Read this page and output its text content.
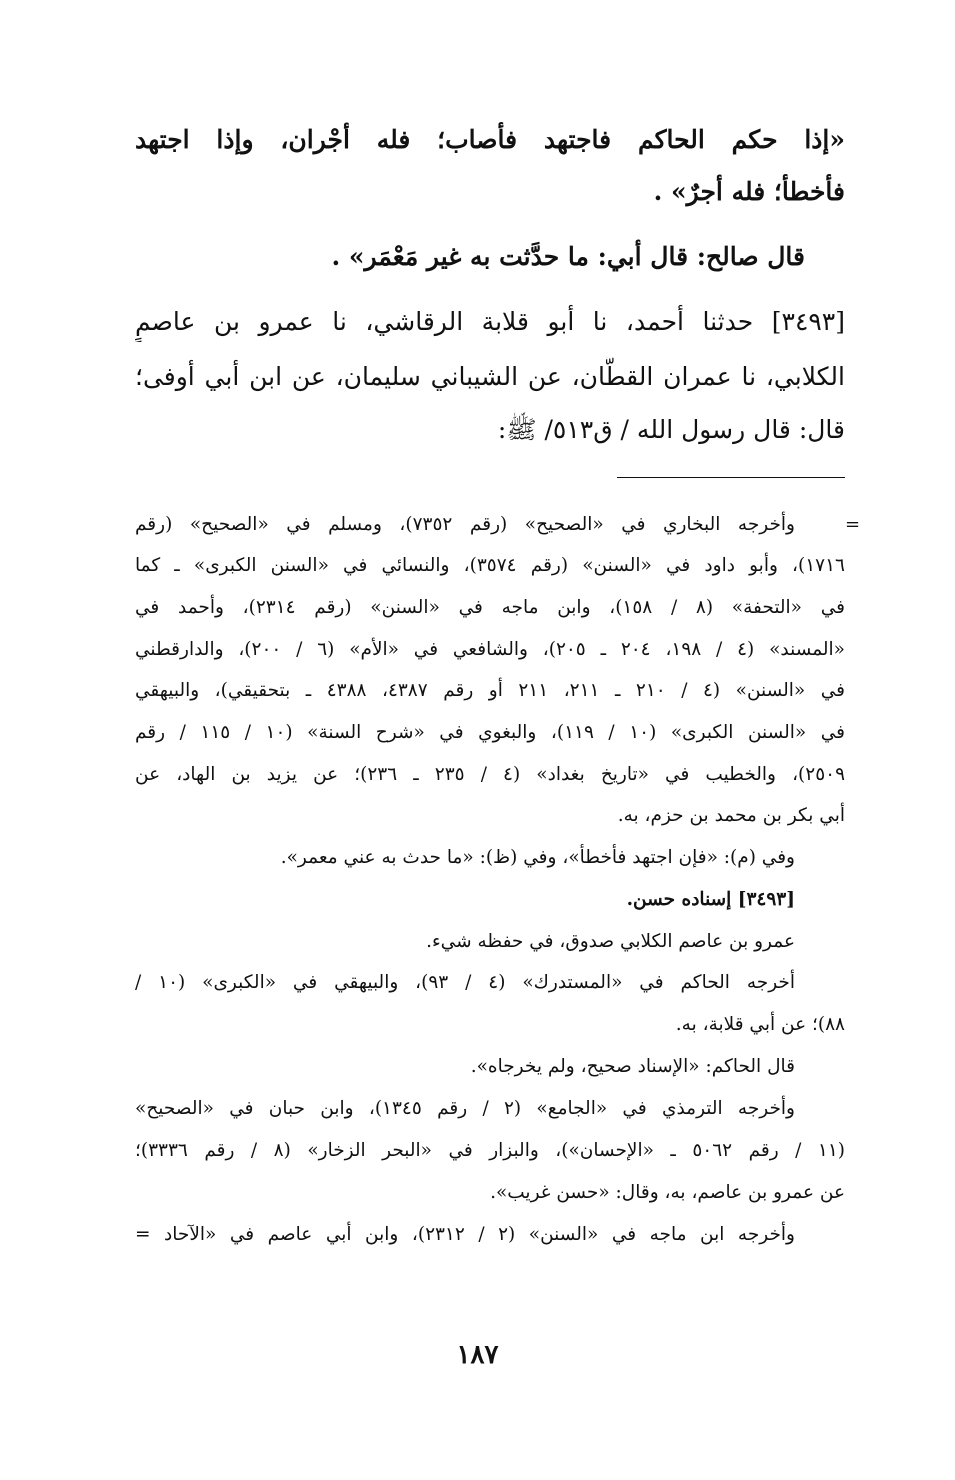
«إذا حكم الحاكم فاجتهد فأصاب؛ فله أجْران، وإذا اجتهد
فأخطأ؛ فله أجرٌ» .
قال صالح: قال أبي: ما حدَّثت به غير مَعْمَر» .
[٣٤٩٣] حدثنا أحمد، نا أبو قلابة الرقاشي، نا عمرو بن عاصمٍ
الكلابي، نا عمران القطَّان، عن الشيباني سليمان، عن ابن أبي أوفى؛
قال: قال رسول الله / ق٥١٣/ ﷺ:
=
وأخرجه البخاري في «الصحيح» (رقم ٧٣٥٢)، ومسلم في «الصحيح» (رقم
١٧١٦)، وأبو داود في «السنن» (رقم ٣٥٧٤)، والنسائي في «السنن الكبرى» ـ كما
في «التحفة» (٨ / ١٥٨)، وابن ماجه في «السنن» (رقم ٢٣١٤)، وأحمد في
«المسند» (٤ / ١٩٨، ٢٠٤ ـ ٢٠٥)، والشافعي في «الأم» (٦ / ٢٠٠)، والدارقطني
في «السنن» (٤ / ٢١٠ ـ ٢١١، ٢١١ أو رقم ٤٣٨٧، ٤٣٨٨ ـ بتحقيقي)، والبيهقي
في «السنن الكبرى» (١٠ / ١١٩)، والبغوي في «شرح السنة» (١٠ / ١١٥ / رقم
٢٥٠٩)، والخطيب في «تاريخ بغداد» (٤ / ٢٣٥ ـ ٢٣٦)؛ عن يزيد بن الهاد، عن
أبي بكر بن محمد بن حزم، به.
وفي (م): «فإن اجتهد فأخطأ»، وفي (ظ): «ما حدث به عني معمر».
[٣٤٩٣] إسناده حسن.
عمرو بن عاصم الكلابي صدوق، في حفظه شيء.
أخرجه الحاكم في «المستدرك» (٤ / ٩٣)، والبيهقي في «الكبرى» (١٠ /
٨٨)؛ عن أبي قلابة، به.
قال الحاكم: «الإسناد صحيح، ولم يخرجاه».
وأخرجه الترمذي في «الجامع» (٢ / رقم ١٣٤٥)، وابن حبان في «الصحيح»
(١١ / رقم ٥٠٦٢ ـ «الإحسان»)، والبزار في «البحر الزخار» (٨ / رقم ٣٣٣٦)؛
عن عمرو بن عاصم، به، وقال: «حسن غريب».
وأخرجه ابن ماجه في «السنن» (٢ / ٢٣١٢)، وابن أبي عاصم في «الآحاد =
١٨٧
